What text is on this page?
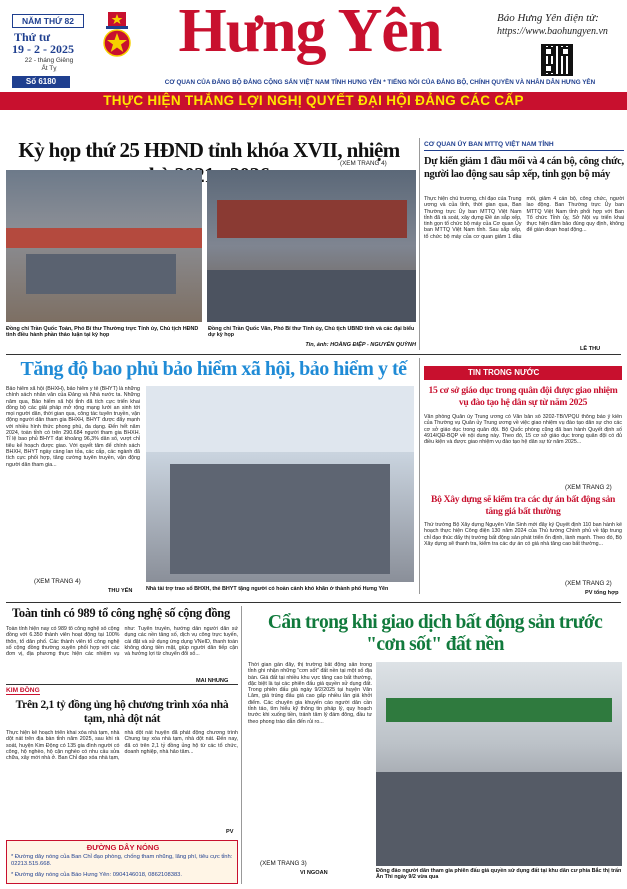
NĂM THỨ 82
Thứ tư
19 - 2 - 2025
22 - tháng Giêng
Ất Tỵ
Số 6180
Hưng Yên	Báo Hưng Yên điện tử:
https://www.baohungyen.vn
CƠ QUAN CỦA ĐẢNG BỘ ĐẢNG CỘNG SẢN VIỆT NAM TỈNH HƯNG YÊN * TIẾNG NÓI CỦA ĐẢNG BỘ, CHÍNH QUYỀN VÀ NHÂN DÂN HƯNG YÊN
THỰC HIỆN THẮNG LỢI NGHỊ QUYẾT ĐẠI HỘI ĐẢNG CÁC CẤP
Kỳ họp thứ 25 HĐND tỉnh khóa XVII, nhiệm
(XEM TRANG 4)
Đồng chí Trần Quốc Toản, Phó Bí thư Thường trực Tỉnh ủy, Chủ tịch HĐND tỉnh điều hành phần thảo luận tại kỳ họp
Đồng chí Trần Quốc Văn, Phó Bí thư Tỉnh ủy, Chủ tịch UBND tỉnh và các đại biểu dự kỳ họp
Tin, ảnh: HOÀNG ĐIỆP - NGUYỄN QUỲNH
CƠ QUAN ỦY BAN MTTQ VIỆT NAM TỈNH
Dự kiến giảm 1 đầu mối và 4 cán bộ, công chức, người lao động sau sắp xếp, tinh gọn bộ máy
Thực hiện chủ trương, chỉ đạo của Trung ương và của tỉnh, thời gian qua, Ban Thường trực Ủy ban MTTQ Việt Nam tỉnh đã rà soát, xây dựng Đề án sắp xếp, tinh gọn tổ chức bộ máy của Cơ quan Ủy ban MTTQ Việt Nam tỉnh. Sau sắp xếp, tổ chức bộ máy của cơ quan giảm 1 đầu mối, giảm 4 cán bộ, công chức, người lao động. Ban Thường trực Ủy ban MTTQ Việt Nam tỉnh phối hợp với Ban Tổ chức Tỉnh ủy, Sở Nội vụ triển khai thực hiện đảm bảo đúng quy định, không để gián đoạn hoạt động...
LÊ THU
Tăng độ bao phủ bảo hiểm xã hội, bảo hiểm y tế
Bảo hiểm xã hội (BHXH), bảo hiểm y tế (BHYT) là những chính sách nhân văn của Đảng và Nhà nước ta. Những năm qua, Bảo hiểm xã hội tỉnh đã tích cực triển khai đồng bộ các giải pháp mở rộng mạng lưới an sinh tới mọi người dân, thời gian qua, công tác tuyên truyền, vận động người dân tham gia BHXH, BHYT được đẩy mạnh với nhiều hình thức phong phú, đa dạng. Đến hết năm 2024, toàn tỉnh có trên 290.684 người tham gia BHXH. Tỉ lệ bao phủ BHYT đạt khoảng 96,3% dân số, vượt chỉ tiêu kế hoạch được giao. Với quyết tâm để chính sách BHXH, BHYT ngày càng lan tỏa, các cấp, các ngành đã tích cực phối hợp, tăng cường tuyên truyền, vận động người dân tham gia...
(XEM TRANG 4)
THU YẾN	Nhà tài trợ trao sổ BHXH, thẻ BHYT tặng người có hoàn cảnh khó khăn ở thành phố Hưng Yên
TIN TRONG NƯỚC
15 cơ sở giáo dục trong quân đội được giao nhiệm vụ đào tạo hệ dân sự từ năm 2025
Văn phòng Quân ủy Trung ương có Văn bản số 3202-TB/VPQU thông báo ý kiến của Thường vụ Quân ủy Trung ương về việc giao nhiệm vụ đào tạo dân sự cho các cơ sở giáo dục trong quân đội. Bộ Quốc phòng cũng đã ban hành Quyết định số 4914/QĐ-BQP về nội dung này. Theo đó, 15 cơ sở giáo dục trong quân đội có đủ điều kiện và được giao nhiệm vụ đào tạo hệ dân sự từ năm 2025...
(XEM TRANG 2)
Bộ Xây dựng sẽ kiểm tra các dự án bất động sản tăng giá bất thường
Thứ trưởng Bộ Xây dựng Nguyễn Văn Sinh mới đây ký Quyết định 110 ban hành kế hoạch thực hiện Công điện 130 năm 2024 của Thủ tướng Chính phủ về tập trung chỉ đạo thúc đẩy thị trường bất động sản phát triển ổn định, lành mạnh. Theo đó, Bộ Xây dựng sẽ thanh tra, kiểm tra các dự án có giá nhà tăng cao bất thường...
(XEM TRANG 2)
PV tổng hợp
Toàn tỉnh có 989 tổ công nghệ số cộng đồng
Toàn tỉnh hiện nay có 989 tổ công nghệ số cộng đồng với 6.350 thành viên hoạt động tại 100% thôn, tổ dân phố. Các thành viên tổ công nghệ số cộng đồng thường xuyên phối hợp với các đơn vị, địa phương thực hiện các nhiệm vụ như: Tuyên truyền, hướng dẫn người dân sử dụng các nền tảng số, dịch vụ công trực tuyến, cài đặt và sử dụng ứng dụng VNeID, thanh toán không dùng tiền mặt, giúp người dân tiếp cận và hưởng lợi từ chuyển đổi số...
MAI NHUNG
KIM ĐỒNG
Trên 2,1 tỷ đồng ủng hộ chương trình xóa nhà tạm, nhà dột nát
Thực hiện kế hoạch triển khai xóa nhà tạm, nhà dột nát trên địa bàn tỉnh năm 2025, sau khi rà soát, huyện Kim Động có 135 gia đình người có công, hộ nghèo, hộ cận nghèo có nhu cầu sửa chữa, xây mới nhà ở. Ban Chỉ đạo xóa nhà tạm, nhà dột nát huyện đã phát động chương trình Chung tay xóa nhà tạm, nhà dột nát. Đến nay, đã có trên 2,1 tỷ đồng ủng hộ từ các tổ chức, doanh nghiệp, nhà hảo tâm...
PV
ĐƯỜNG DÂY NÓNG
* Đường dây nóng của Ban Chỉ đạo phòng, chống tham nhũng, lãng phí, tiêu cực tỉnh: 02213.515.668.
* Đường dây nóng của Báo Hưng Yên: 0904146018, 0862108383.
Cẩn trọng khi giao dịch bất động sản trước "cơn sốt" đất nền
Thời gian gần đây, thị trường bất động sản trong tỉnh ghi nhận những "cơn sốt" đất nền tại một số địa bàn. Giá đất tại nhiều khu vực tăng cao bất thường, đặc biệt là tại các phiên đấu giá quyền sử dụng đất. Trong phiên đấu giá ngày 9/2/2025 tại huyện Văn Lâm, giá trúng đấu giá cao gấp nhiều lần giá khởi điểm. Các chuyên gia khuyến cáo người dân cần tỉnh táo, tìm hiểu kỹ thông tin pháp lý, quy hoạch trước khi xuống tiền, tránh tâm lý đám đông, đầu tư theo phong trào dẫn đến rủi ro...
(XEM TRANG 3)
VI NGOAN	Đông đảo người dân tham gia phiên đấu giá quyền sử dụng đất tại khu dân cư phía Bắc thị trấn Ân Thi ngày 9/2 vừa qua
